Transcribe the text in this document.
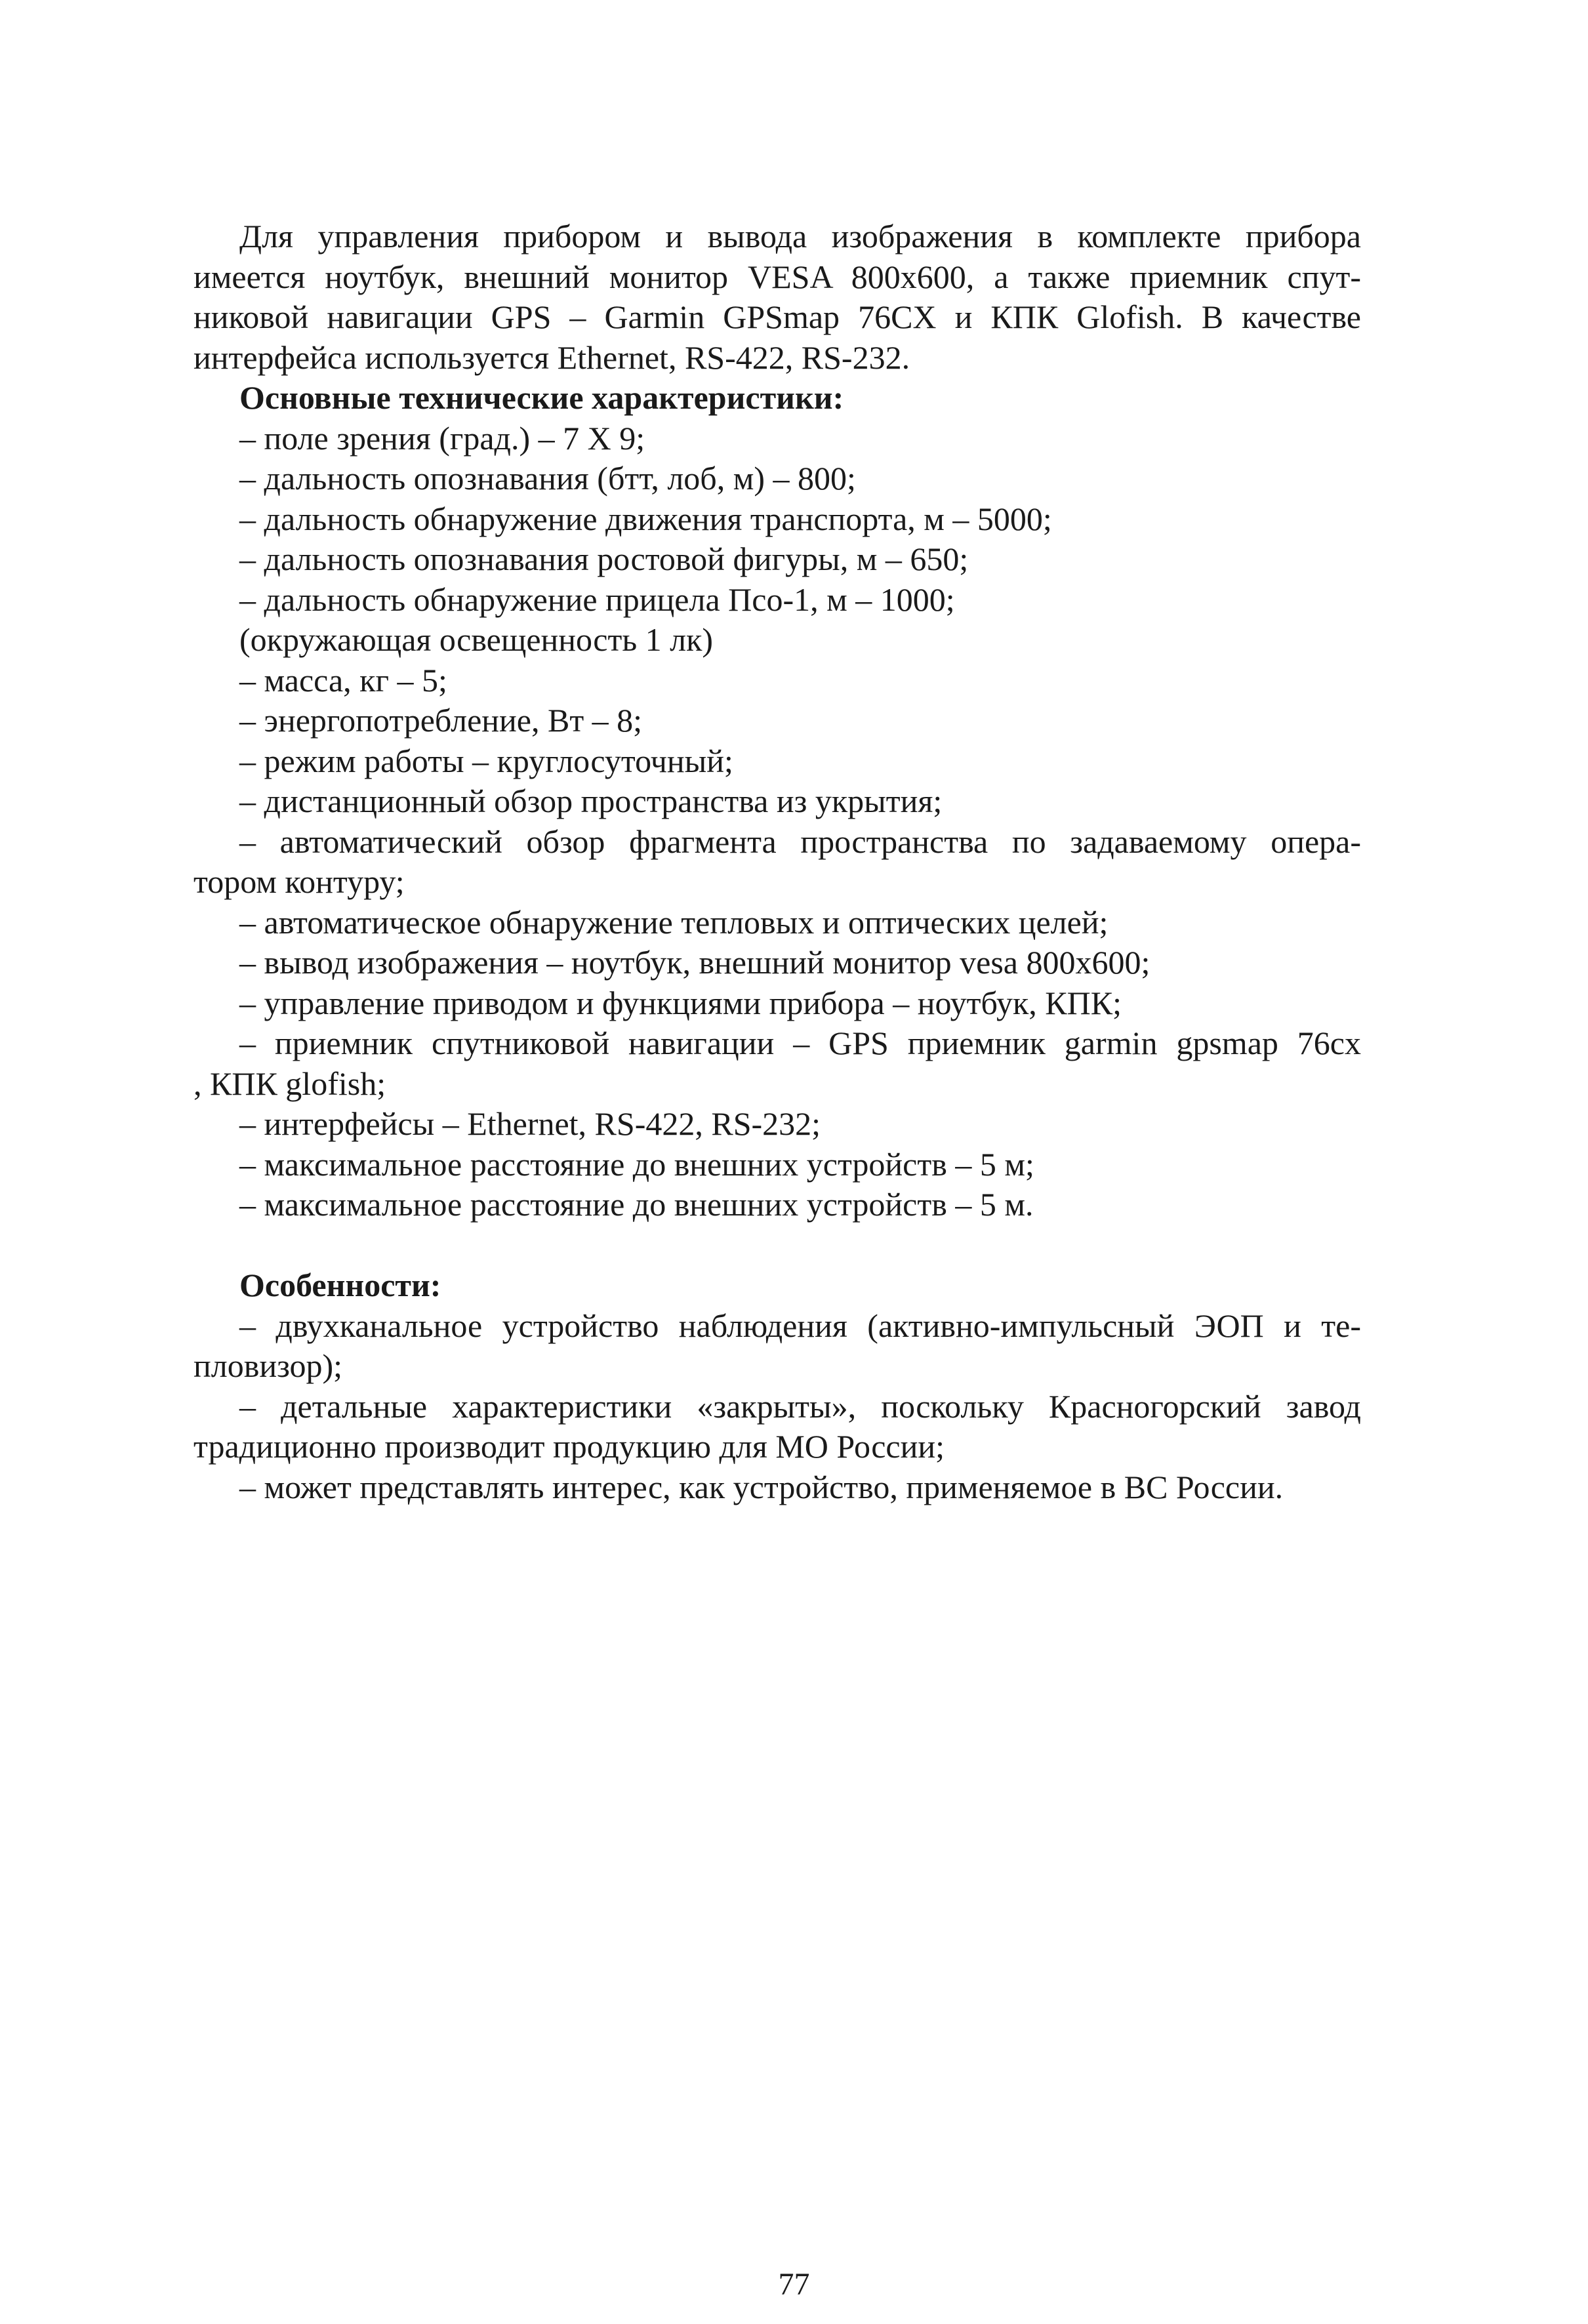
Для управления прибором и вывода изображения в комплекте прибора

имеется ноутбук, внешний монитор VESA 800х600, а также приемник спут-

никовой навигации GPS – Garmin GPSmap 76CX и КПК Glofish. В качестве

интерфейса используется Ethernet, RS-422, RS-232.

Основные технические характеристики:

– поле зрения (град.) – 7 Х 9;

– дальность опознавания (бтт, лоб, м) – 800;

– дальность обнаружение движения транспорта, м – 5000;

– дальность опознавания ростовой фигуры, м – 650;

– дальность обнаружение прицела Псо-1, м – 1000;

(окружающая освещенность 1 лк)

– масса, кг – 5;

– энергопотребление, Вт – 8;

– режим работы – круглосуточный;

– дистанционный обзор пространства из укрытия;

– автоматический обзор фрагмента пространства по задаваемому опера-

тором контуру;

– автоматическое обнаружение тепловых и оптических целей;

– вывод изображения – ноутбук, внешний монитор vesa 800x600;

– управление приводом и функциями прибора – ноутбук, КПК;

– приемник спутниковой навигации – GPS приемник garmin gpsmap 76cx

, КПК glofish;

– интерфейсы – Ethernet, RS-422, RS-232;

– максимальное расстояние до внешних устройств – 5 м;

– максимальное расстояние до внешних устройств – 5 м.

Особенности:

– двухканальное устройство наблюдения (активно-импульсный ЭОП и те-

пловизор);

– детальные характеристики «закрыты», поскольку Красногорский завод

традиционно производит продукцию для МО России;

– может представлять интерес, как устройство, применяемое в ВС России.

77
